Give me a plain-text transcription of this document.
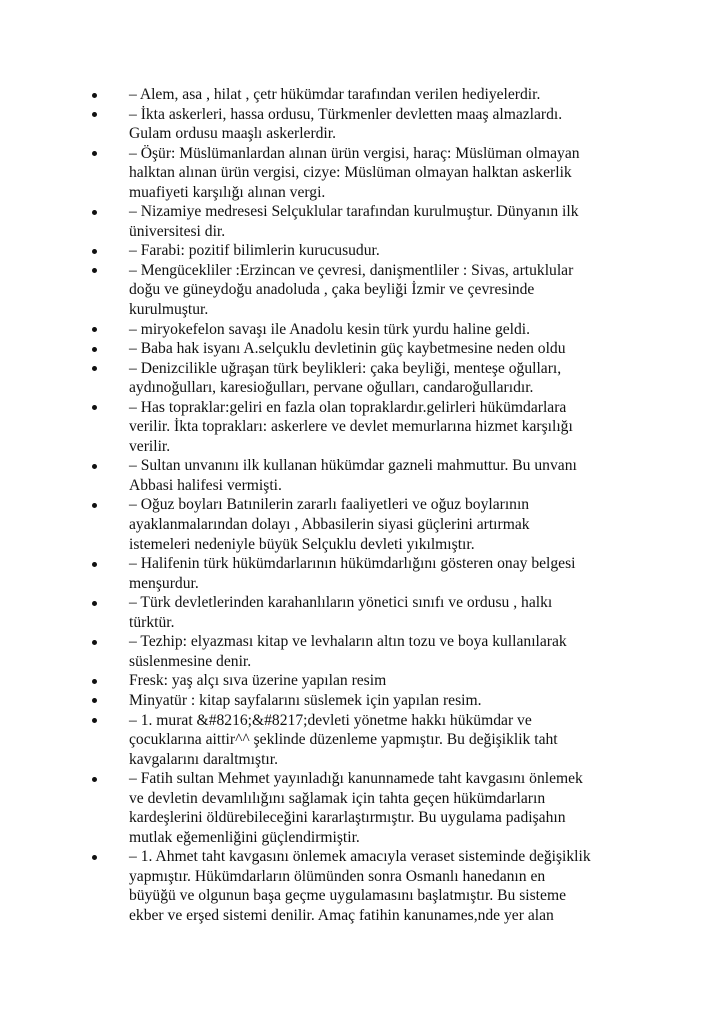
– Alem, asa , hilat , çetr hükümdar tarafından verilen hediyelerdir.
– İkta askerleri, hassa ordusu, Türkmenler devletten maaş almazlardı.
Gulam ordusu maaşlı askerlerdir.
– Öşür: Müslümanlardan alınan ürün vergisi, haraç: Müslüman olmayan
halktan alınan ürün vergisi, cizye: Müslüman olmayan halktan askerlik
muafiyeti karşılığı alınan vergi.
– Nizamiye medresesi Selçuklular tarafından kurulmuştur. Dünyanın ilk
üniversitesi dir.
– Farabi: pozitif bilimlerin kurucusudur.
– Mengücekliler :Erzincan ve çevresi, danişmentliler : Sivas, artuklular
doğu ve güneydoğu anadoluda , çaka beyliği İzmir ve çevresinde
kurulmuştur.
– miryokefelon savaşı ile Anadolu kesin türk yurdu haline geldi.
– Baba hak isyanı A.selçuklu devletinin güç kaybetmesine neden oldu
– Denizcilikle uğraşan türk beylikleri: çaka beyliği, menteşe oğulları,
aydınoğulları, karesioğulları, pervane oğulları, candaroğullarıdır.
– Has topraklar:geliri en fazla olan topraklardır.gelirleri hükümdarlara
verilir. İkta toprakları: askerlere ve devlet memurlarına hizmet karşılığı
verilir.
– Sultan unvanını ilk kullanan hükümdar gazneli mahmuttur. Bu unvanı
Abbasi halifesi vermişti.
– Oğuz boyları Batınilerin zararlı faaliyetleri ve oğuz boylarının
ayaklanmalarından dolayı , Abbasilerin siyasi güçlerini artırmak
istemeleri nedeniyle büyük Selçuklu devleti yıkılmıştır.
– Halifenin türk hükümdarlarının hükümdarlığını gösteren onay belgesi
menşurdur.
– Türk devletlerinden karahanlıların yönetici sınıfı ve ordusu , halkı
türktür.
– Tezhip: elyazması kitap ve levhaların altın tozu ve boya kullanılarak
süslenmesine denir.
Fresk: yaş alçı sıva üzerine yapılan resim
Minyatür : kitap sayfalarını süslemek için yapılan resim.
– 1. murat &#8216;&#8217;devleti yönetme hakkı hükümdar ve
çocuklarına aittir^^ şeklinde düzenleme yapmıştır. Bu değişiklik taht
kavgalarını daraltmıştır.
– Fatih sultan Mehmet yayınladığı kanunnamede taht kavgasını önlemek
ve devletin devamlılığını sağlamak için tahta geçen hükümdarların
kardeşlerini öldürebileceğini kararlaştırmıştır. Bu uygulama padişahın
mutlak eğemenliğini güçlendirmiştir.
– 1. Ahmet taht kavgasını önlemek amacıyla veraset sisteminde değişiklik
yapmıştır. Hükümdarların ölümünden sonra Osmanlı hanedanın en
büyüğü ve olgunun başa geçme uygulamasını başlatmıştır. Bu sisteme
ekber ve erşed sistemi denilir. Amaç fatihin kanunames,nde yer alan
